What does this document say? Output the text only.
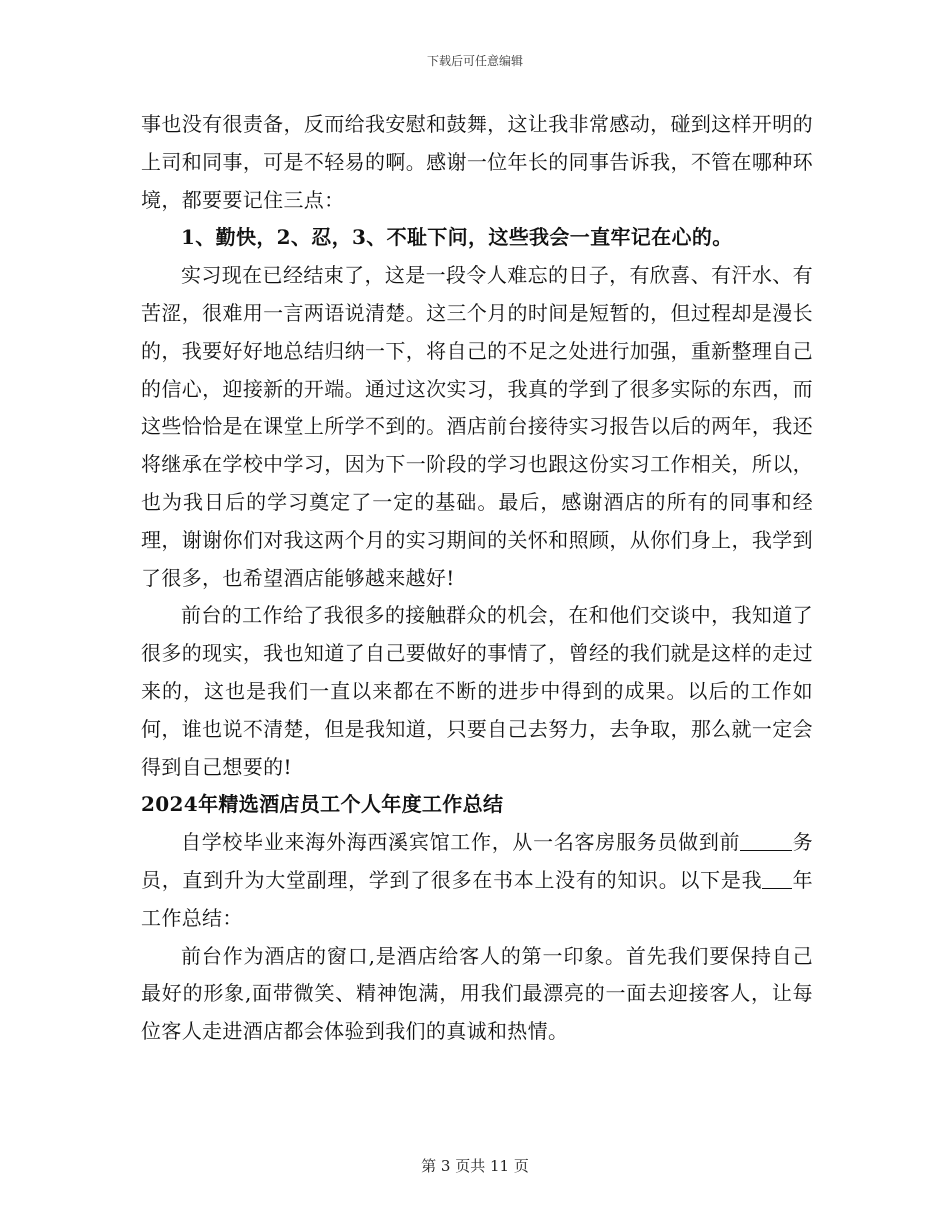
下载后可任意编辑

事也没有很责备，反而给我安慰和鼓舞，这让我非常感动，碰到这样开明的上司和同事，可是不轻易的啊。感谢一位年长的同事告诉我，不管在哪种环境，都要要记住三点：

1、勤快，2、忍，3、不耻下问，这些我会一直牢记在心的。

实习现在已经结束了，这是一段令人难忘的日子，有欣喜、有汗水、有苦涩，很难用一言两语说清楚。这三个月的时间是短暂的，但过程却是漫长的，我要好好地总结归纳一下，将自己的不足之处进行加强，重新整理自己的信心，迎接新的开端。通过这次实习，我真的学到了很多实际的东西，而这些恰恰是在课堂上所学不到的。酒店前台接待实习报告以后的两年，我还将继承在学校中学习，因为下一阶段的学习也跟这份实习工作相关，所以，也为我日后的学习奠定了一定的基础。最后，感谢酒店的所有的同事和经理，谢谢你们对我这两个月的实习期间的关怀和照顾，从你们身上，我学到了很多，也希望酒店能够越来越好!

前台的工作给了我很多的接触群众的机会，在和他们交谈中，我知道了很多的现实，我也知道了自己要做好的事情了，曾经的我们就是这样的走过来的，这也是我们一直以来都在不断的进步中得到的成果。以后的工作如何，谁也说不清楚，但是我知道，只要自己去努力，去争取，那么就一定会得到自己想要的!

2024年精选酒店员工个人年度工作总结

自学校毕业来海外海西溪宾馆工作，从一名客房服务员做到前	务员，直到升为大堂副理，学到了很多在书本上没有的知识。以下是我 年工作总结：

前台作为酒店的窗口,是酒店给客人的第一印象。首先我们要保持自己最好的形象,面带微笑、精神饱满，用我们最漂亮的一面去迎接客人，让每位客人走进酒店都会体验到我们的真诚和热情。

第 3 页共 11 页
